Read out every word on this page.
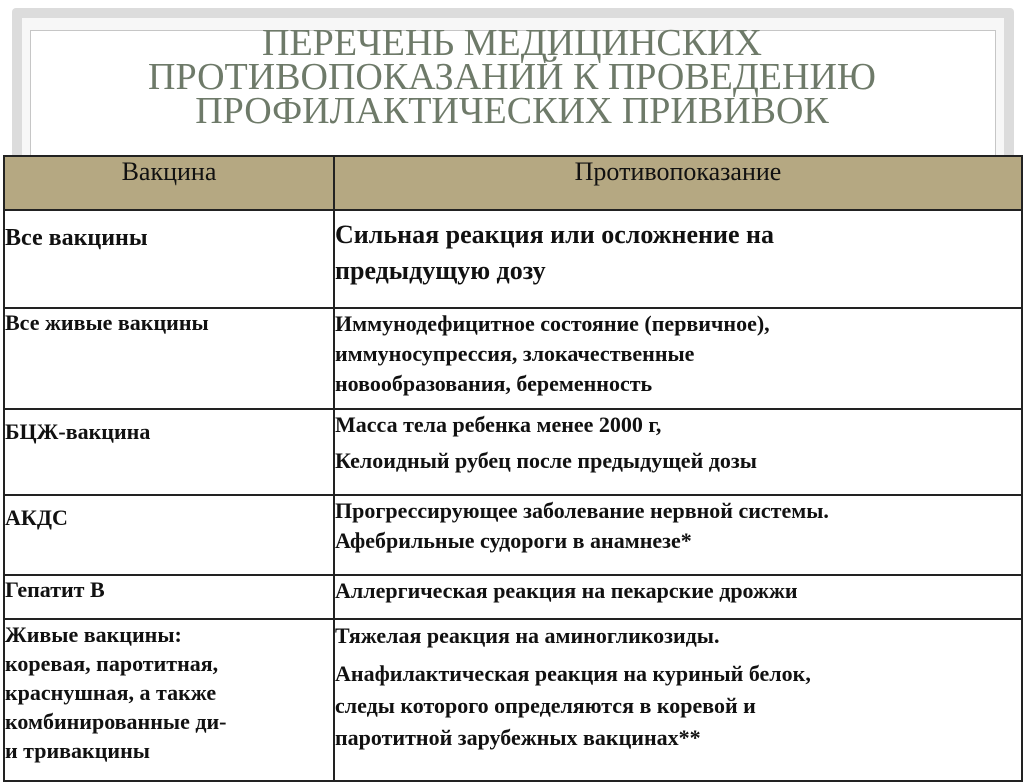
ПЕРЕЧЕНЬ МЕДИЦИНСКИХ
ПРОТИВОПОКАЗАНИЙ К ПРОВЕДЕНИЮ
ПРОФИЛАКТИЧЕСКИХ ПРИВИВОК
Вакцина	Противопоказание

Все вакцины	Сильная реакция или осложнение на
предыдущую дозу

Все живые вакцины	Иммунодефицитное состояние (первичное),
иммуносупрессия, злокачественные
новообразования, беременность

БЦЖ-вакцина	Масса тела ребенка менее 2000 г,
Келоидный рубец после предыдущей дозы

АКДС	Прогрессирующее заболевание нервной системы.
Афебрильные судороги в анамнезе*

Гепатит В	Аллергическая реакция на пекарские дрожжи

Живые вакцины:
коревая, паротитная,
краснушная, а также
комбинированные ди-
и тривакцины	Тяжелая реакция на аминогликозиды.
Анафилактическая реакция на куриный белок,
следы которого определяются в коревой и
паротитной зарубежных вакцинах**
